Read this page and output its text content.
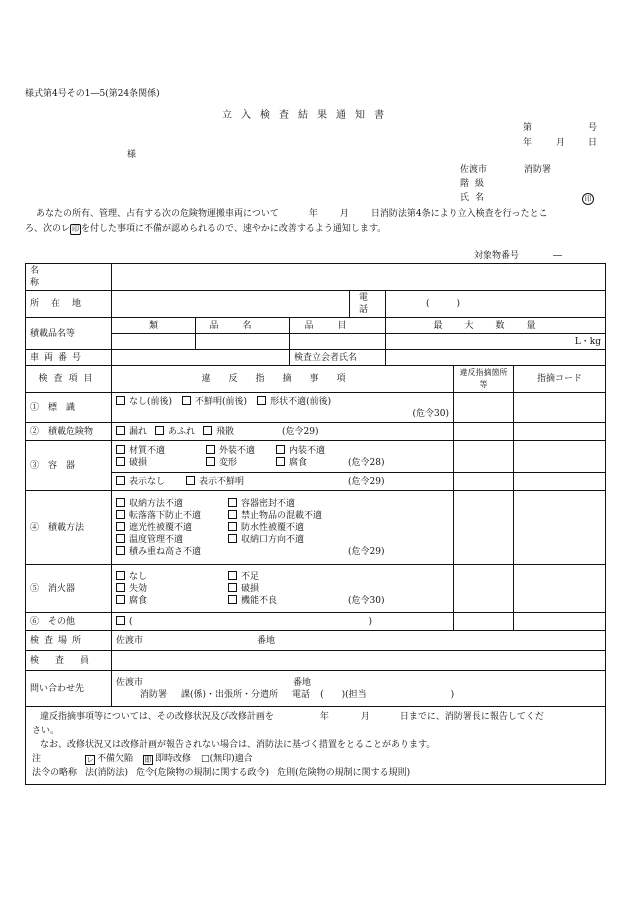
様式第4号その1―5(第24条関係)
立入検査結果通知書
第	号
年	月	日
様
佐渡市	消防署
階級
氏名	印
あなたの所有、管理、占有する次の危険物運搬車両について	年 月 日消防法第4条により立入検査を行ったとこ
ろ、次のレ 印 を付した事項に不備が認められるので、速やかに改善するよう通知します。
対象物番号	―
名称							
所在地				電話	(　　　)		
積載品名等	類	品名	品目		最大数量		
					L・kg		
車両番号			検査立会者氏名				
検査項目	違反指摘事項					違反指摘箇所等	指摘コード
①　標　識	なし(前後) 不鮮明(前後) 形状不適(前後)
(危令30)						

②　積載危険物	漏れ あふれ 飛散 (危令29)						
③　容　器	材質不適 外装不適 内装不適
破損 変形 腐食 (危令28)						

	表示なし 表示不鮮明 (危令29)						
④　積載方法	収納方法不適 容器密封不適
転落落下防止不適 禁止物品の混載不適
遮光性被覆不適 防水性被覆不適
温度管理不適 収納口方向不適
積み重ね高さ不適 (危令29)						

⑤　消火器	なし 不足
失効 破損
腐食 機能不良 (危令30)						

⑥　その他	( )						
検査場所	佐渡市 番地						
検査員							
問い合わせ先	佐渡市 番地
消防署 課(係)・出張所・分遣所 電話 (　　)(担当 )						

違反指摘事項等については、その改修状況及び改修計画を 年 月 日までに、消防署長に報告してくだ
さい。
なお、改修状況又は改修計画が報告されない場合は、消防法に基づく措置をとることがあります。
注 レ 不備欠陥 即 即時改修 □(無印)適合
法令の略称 法(消防法) 危令(危険物の規制に関する政令) 危則(危険物の規制に関する規則)							
